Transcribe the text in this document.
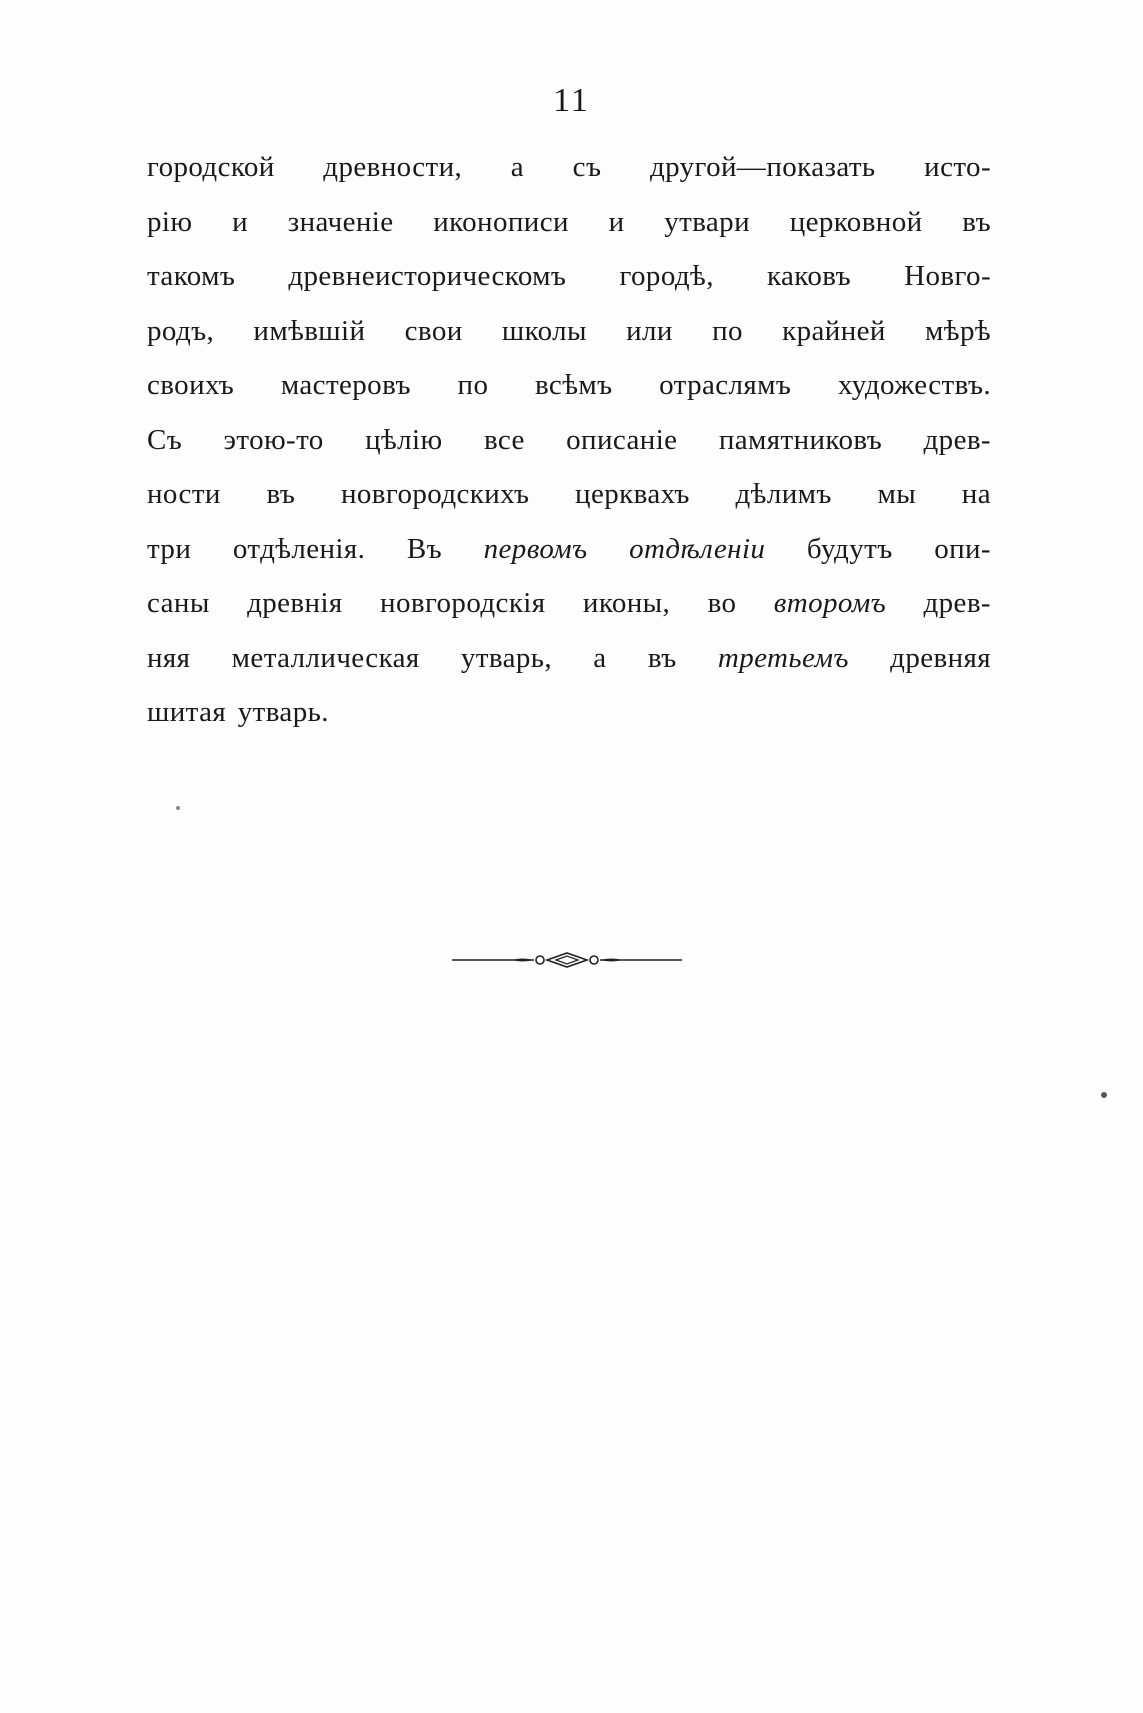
11
городской древности, а съ другой—показать исто-
рію и значеніе иконописи и утвари церковной въ
такомъ древнеисторическомъ городѣ, каковъ Новго-
родъ, имѣвшій свои школы или по крайней мѣрѣ
своихъ мастеровъ по всѣмъ отраслямъ художествъ.
Съ этою-то цѣлію все описаніе памятниковъ древ-
ности въ новгородскихъ церквахъ дѣлимъ мы на
три отдѣленія. Въ первомъ отдѣленіи будутъ опи-
саны древнія новгородскія иконы, во второмъ древ-
няя металлическая утварь, а въ третьемъ древняя
шитая утварь.
